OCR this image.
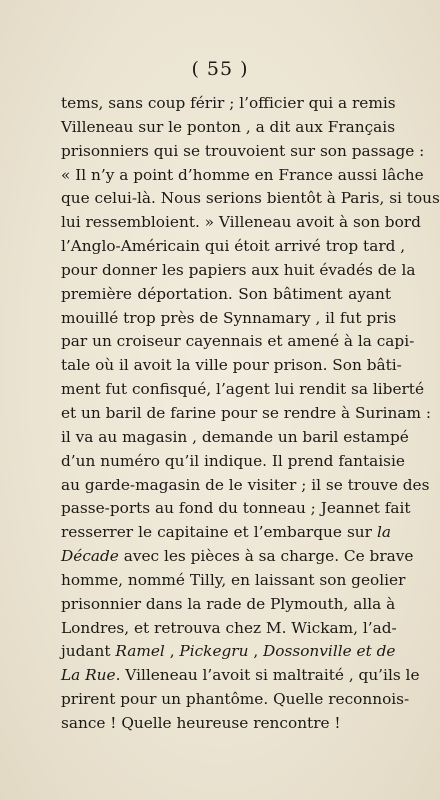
( 55 )
tems, sans coup férir ; l’officier qui a remis
Villeneau sur le ponton , a dit aux Français
prisonniers qui se trouvoient sur son passage :
« Il n’y a point d’homme en France aussi lâche
que celui-là. Nous serions bientôt à Paris, si tous
lui ressembloient. » Villeneau avoit à son bord
l’Anglo-Américain qui étoit arrivé trop tard ,
pour donner les papiers aux huit évadés de la
première déportation. Son bâtiment ayant
mouillé trop près de Synnamary , il fut pris
par un croiseur cayennais et amené à la capi-
tale où il avoit la ville pour prison. Son bâti-
ment fut confisqué, l’agent lui rendit sa liberté
et un baril de farine pour se rendre à Surinam :
il va au magasin , demande un baril estampé
d’un numéro qu’il indique. Il prend fantaisie
au garde-magasin de le visiter ; il se trouve des
passe-ports au fond du tonneau ; Jeannet fait
resserrer le capitaine et l’embarque sur la
Décade avec les pièces à sa charge. Ce brave
homme, nommé Tilly, en laissant son geolier
prisonnier dans la rade de Plymouth, alla à
Londres, et retrouva chez M. Wickam, l’ad-
judant Ramel , Pickegru , Dossonville et de
La Rue. Villeneau l’avoit si maltraité , qu’ils le
prirent pour un phantôme. Quelle reconnois-
sance ! Quelle heureuse rencontre !
